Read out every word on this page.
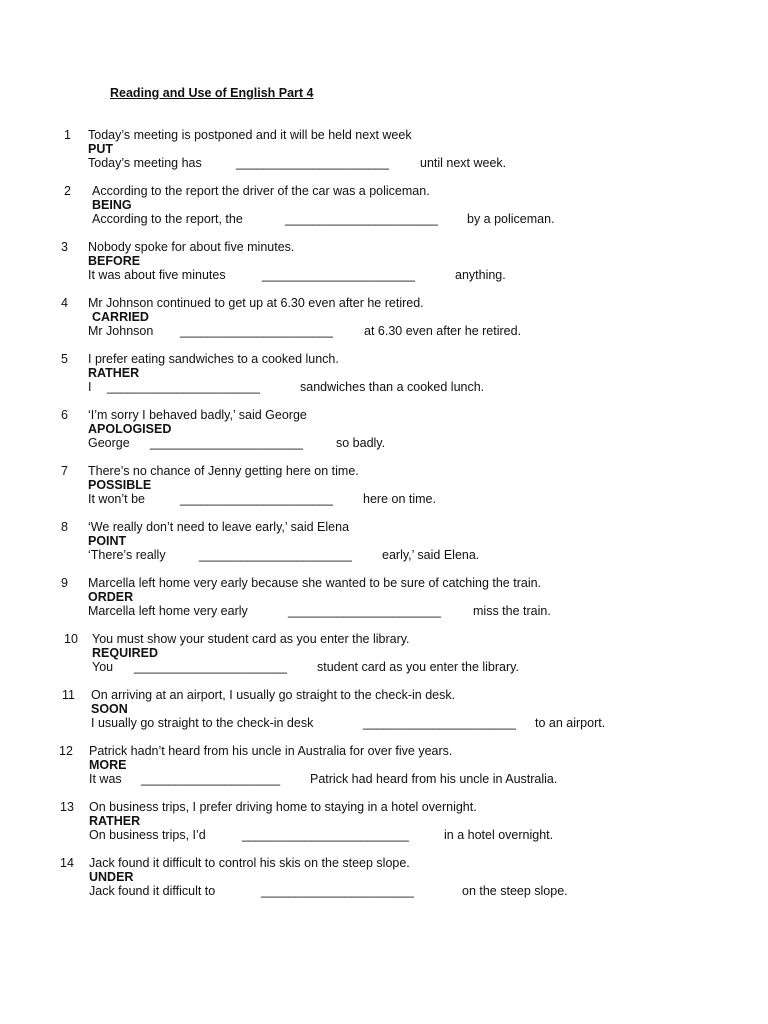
Reading and Use of English Part 4
1 Today’s meeting is postponed and it will be held next week
PUT
Today’s meeting has	______________________ until next week.
2 According to the report the driver of the car was a policeman.
BEING
According to the report, the	______________________ by a policeman.
3 Nobody spoke for about five minutes.
BEFORE
It was about five minutes	______________________	anything.
4 Mr Johnson continued to get up at 6.30 even after he retired.
CARRIED
Mr Johnson ______________________ at 6.30 even after he retired.
5 I prefer eating sandwiches to a cooked lunch.
RATHER
I ______________________	sandwiches than a cooked lunch.
6 ‘I’m sorry I behaved badly,’ said George
APOLOGISED
George ______________________	so badly.
7 There’s no chance of Jenny getting here on time.
POSSIBLE
It won’t be	______________________ here on time.
8 ‘We really don’t need to leave early,’ said Elena
POINT
‘There’s really	______________________ early,’ said Elena.
9 Marcella left home very early because she wanted to be sure of catching the train.
ORDER
Marcella left home very early	______________________	miss the train.
10 You must show your student card as you enter the library.
REQUIRED
You ______________________ student card as you enter the library.
11 On arriving at an airport, I usually go straight to the check-in desk.
SOON
I usually go straight to the check-in desk	______________________ to an airport.
12 Patrick hadn’t heard from his uncle in Australia for over five years.
MORE
It was ____________________ Patrick had heard from his uncle in Australia.
13 On business trips, I prefer driving home to staying in a hotel overnight.
RATHER
On business trips, I’d	________________________	in a hotel overnight.
14 Jack found it difficult to control his skis on the steep slope.
UNDER
Jack found it difficult to	______________________	on the steep slope.
